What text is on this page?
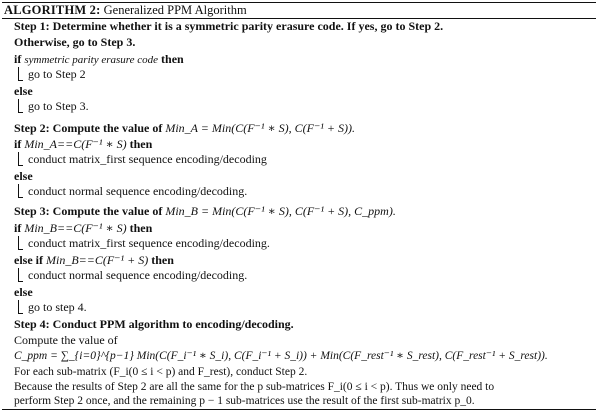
ALGORITHM 2: Generalized PPM Algorithm
Step 1: Determine whether it is a symmetric parity erasure code. If yes, go to Step 2.
Otherwise, go to Step 3.
if symmetric parity erasure code then
go to Step 2
else
go to Step 3.
Step 2: Compute the value of Min_A = Min(C(F⁻¹ ∗ S), C(F⁻¹ + S)).
if Min_A==C(F⁻¹ ∗ S) then
conduct matrix_first sequence encoding/decoding
else
conduct normal sequence encoding/decoding.
Step 3: Compute the value of Min_B = Min(C(F⁻¹ ∗ S), C(F⁻¹ + S), C_ppm).
if Min_B==C(F⁻¹ ∗ S) then
conduct matrix_first sequence encoding/decoding.
else if Min_B==C(F⁻¹ + S) then
conduct normal sequence encoding/decoding.
else
go to step 4.
Step 4: Conduct PPM algorithm to encoding/decoding.
Compute the value of
C_ppm = ∑_{i=0}^{p−1} Min(C(F_i⁻¹ ∗ S_i), C(F_i⁻¹ + S_i)) + Min(C(F_rest⁻¹ ∗ S_rest), C(F_rest⁻¹ + S_rest)).
For each sub-matrix (F_i(0 ≤ i < p) and F_rest), conduct Step 2.
Because the results of Step 2 are all the same for the p sub-matrices F_i(0 ≤ i < p). Thus we only need to
perform Step 2 once, and the remaining p − 1 sub-matrices use the result of the first sub-matrix p_0.
